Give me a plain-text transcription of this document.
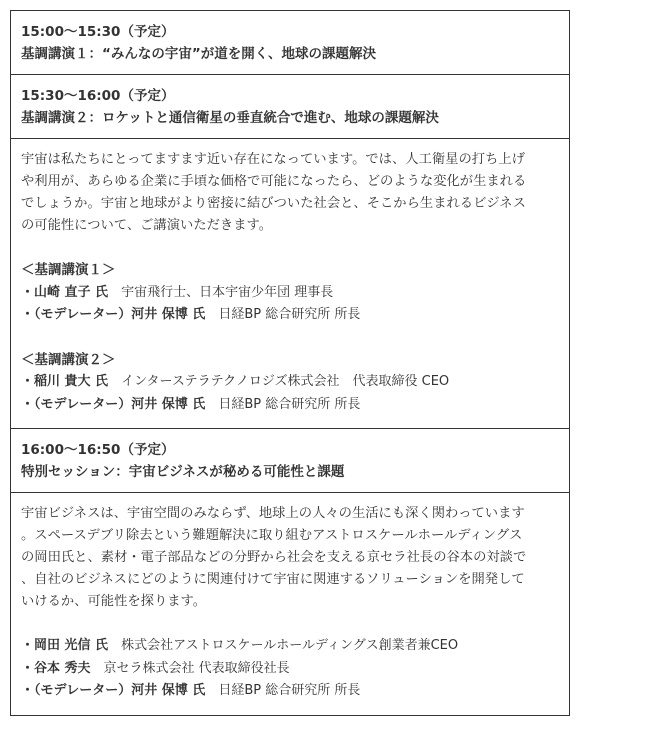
15:00〜15:30（予定）
基調講演１：“みんなの宇宙”が道を開く、地球の課題解決
15:30〜16:00（予定）
基調講演２：ロケットと通信衛星の垂直統合で進む、地球の課題解決
宇宙は私たちにとってますます近い存在になっています。では、人工衛星の打ち上げ
や利用が、あらゆる企業に手頃な価格で可能になったら、どのような変化が生まれる
でしょうか。宇宙と地球がより密接に結びついた社会と、そこから生まれるビジネス
の可能性について、ご講演いただきます。
＜基調講演１＞
・山崎 直子 氏　 宇宙飛行士、日本宇宙少年団 理事長
・（モデレーター）河井 保博 氏　 日経BP 総合研究所 所長
＜基調講演２＞
・稲川 貴大 氏　 インターステラテクノロジズ株式会社　代表取締役 CEO
・（モデレーター）河井 保博 氏　 日経BP 総合研究所 所長
16:00〜16:50（予定）
特別セッション：宇宙ビジネスが秘める可能性と課題
宇宙ビジネスは、宇宙空間のみならず、地球上の人々の生活にも深く関わっています
。スペースデブリ除去という難題解決に取り組むアストロスケールホールディングス
の岡田氏と、素材・電子部品などの分野から社会を支える京セラ社長の谷本の対談で
、自社のビジネスにどのように関連付けて宇宙に関連するソリューションを開発して
いけるか、可能性を探ります。
・岡田 光信 氏　 株式会社アストロスケールホールディングス創業者兼CEO
・谷本 秀夫　 京セラ株式会社 代表取締役社長
・（モデレーター）河井 保博 氏　 日経BP 総合研究所 所長
